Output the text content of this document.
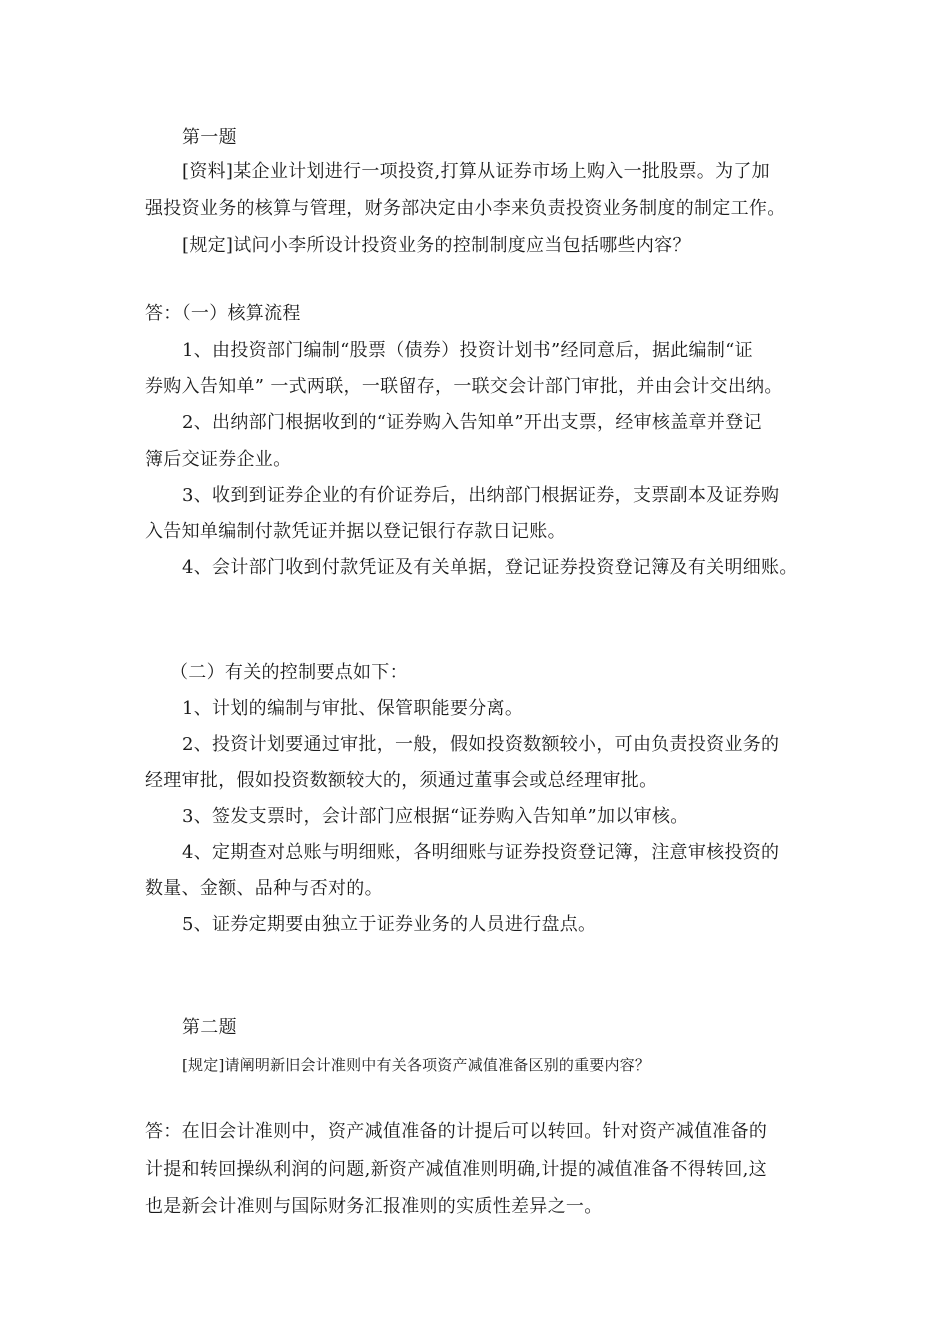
第一题
[资料]某企业计划进行一项投资,打算从证券市场上购入一批股票。为了加
强投资业务的核算与管理，财务部决定由小李来负责投资业务制度的制定工作。
[规定]试问小李所设计投资业务的控制制度应当包括哪些内容？
答：（一）核算流程
1、由投资部门编制“股票（债券）投资计划书”经同意后，据此编制“证
券购入告知单” 一式两联，一联留存，一联交会计部门审批，并由会计交出纳。
2、出纳部门根据收到的“证券购入告知单”开出支票，经审核盖章并登记
簿后交证券企业。
3、收到到证券企业的有价证券后，出纳部门根据证券，支票副本及证券购
入告知单编制付款凭证并据以登记银行存款日记账。
4、会计部门收到付款凭证及有关单据，登记证券投资登记簿及有关明细账。
（二）有关的控制要点如下：
1、计划的编制与审批、保管职能要分离。
2、投资计划要通过审批，一般，假如投资数额较小，可由负责投资业务的
经理审批，假如投资数额较大的，须通过董事会或总经理审批。
3、签发支票时，会计部门应根据“证券购入告知单”加以审核。
4、定期查对总账与明细账，各明细账与证券投资登记簿，注意审核投资的
数量、金额、品种与否对的。
5、证券定期要由独立于证券业务的人员进行盘点。
第二题
[规定]请阐明新旧会计准则中有关各项资产减值准备区别的重要内容？
答：在旧会计准则中，资产减值准备的计提后可以转回。针对资产减值准备的
计提和转回操纵利润的问题,新资产减值准则明确,计提的减值准备不得转回,这
也是新会计准则与国际财务汇报准则的实质性差异之一。
